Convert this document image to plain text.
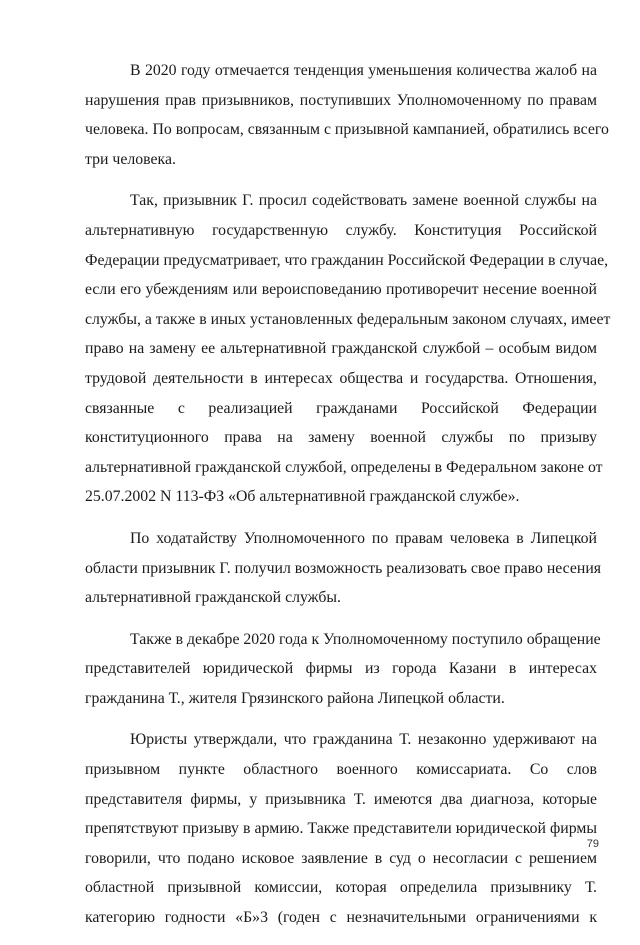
В 2020 году отмечается тенденция уменьшения количества жалоб на
нарушения прав призывников, поступивших Уполномоченному по правам
человека. По вопросам, связанным с призывной кампанией, обратились всего
три человека.
Так, призывник Г. просил содействовать замене военной службы на
альтернативную государственную службу. Конституция Российской
Федерации предусматривает, что гражданин Российской Федерации в случае,
если его убеждениям или вероисповеданию противоречит несение военной
службы, а также в иных установленных федеральным законом случаях, имеет
право на замену ее альтернативной гражданской службой – особым видом
трудовой деятельности в интересах общества и государства. Отношения,
связанные с реализацией гражданами Российской Федерации
конституционного права на замену военной службы по призыву
альтернативной гражданской службой, определены в Федеральном законе от
25.07.2002 N 113-ФЗ «Об альтернативной гражданской службе».
По ходатайству Уполномоченного по правам человека в Липецкой
области призывник Г. получил возможность реализовать свое право несения
альтернативной гражданской службы.
Также в декабре 2020 года к Уполномоченному поступило обращение
представителей юридической фирмы из города Казани в интересах
гражданина Т., жителя Грязинского района Липецкой области.
Юристы утверждали, что гражданина Т. незаконно удерживают на
призывном пункте областного военного комиссариата. Со слов
представителя фирмы, у призывника Т. имеются два диагноза, которые
препятствуют призыву в армию. Также представители юридической фирмы
говорили, что подано исковое заявление в суд о несогласии с решением
областной призывной комиссии, которая определила призывнику Т.
категорию годности «Б»3 (годен с незначительными ограничениями к
79
